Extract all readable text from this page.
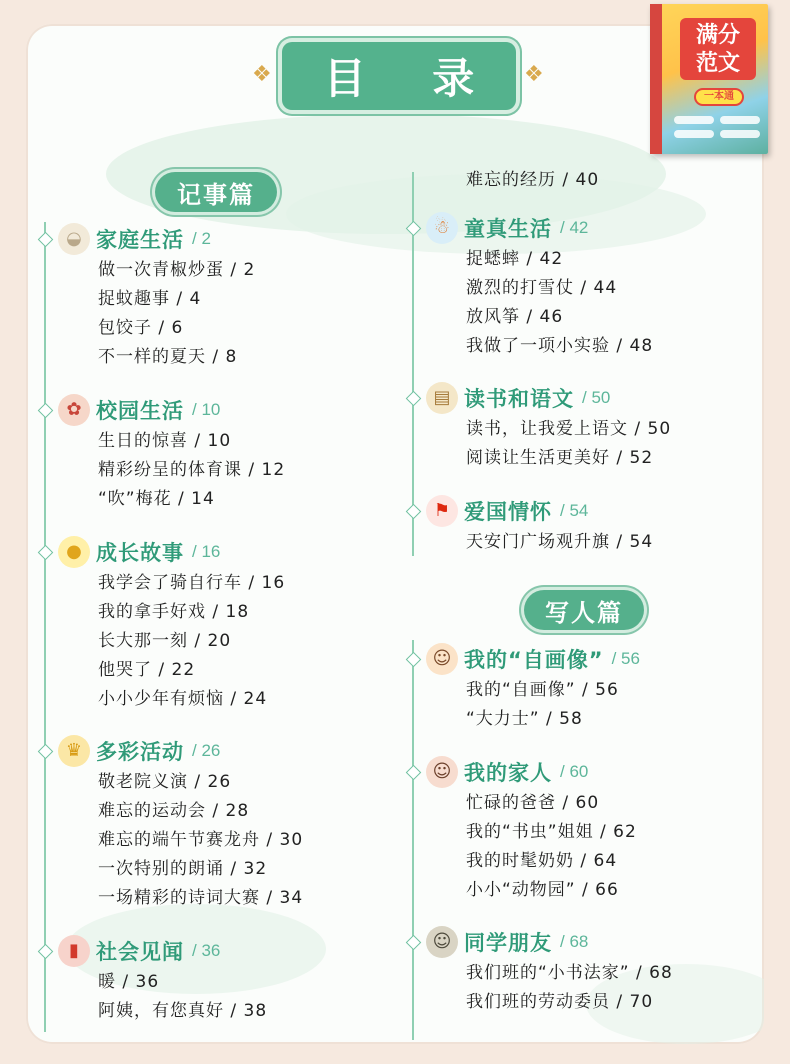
❖	目 录 ❖
满分
范文
一本通
记事篇
写人篇
◒ 家庭生活 / 2
做一次青椒炒蛋 / 2
捉蚊趣事 / 4
包饺子 / 6
不一样的夏天 / 8
✿ 校园生活 / 10
生日的惊喜 / 10
精彩纷呈的体育课 / 12
“吹”梅花 / 14
● 成长故事 / 16
我学会了骑自行车 / 16
我的拿手好戏 / 18
长大那一刻 / 20
他哭了 / 22
小小少年有烦恼 / 24
♛ 多彩活动 / 26
敬老院义演 / 26
难忘的运动会 / 28
难忘的端午节赛龙舟 / 30
一次特别的朗诵 / 32
一场精彩的诗词大赛 / 34
▮ 社会见闻 / 36
暖 / 36
阿姨，有您真好 / 38
难忘的经历 / 40
☃ 童真生活 / 42
捉蟋蟀 / 42
激烈的打雪仗 / 44
放风筝 / 46
我做了一项小实验 / 48
▤ 读书和语文 / 50
读书，让我爱上语文 / 50
阅读让生活更美好 / 52
⚑ 爱国情怀 / 54
天安门广场观升旗 / 54
☺ 我的“自画像” / 56
我的“自画像” / 56
“大力士” / 58
☺ 我的家人 / 60
忙碌的爸爸 / 60
我的“书虫”姐姐 / 62
我的时髦奶奶 / 64
小小“动物园” / 66
☺ 同学朋友 / 68
我们班的“小书法家” / 68
我们班的劳动委员 / 70
